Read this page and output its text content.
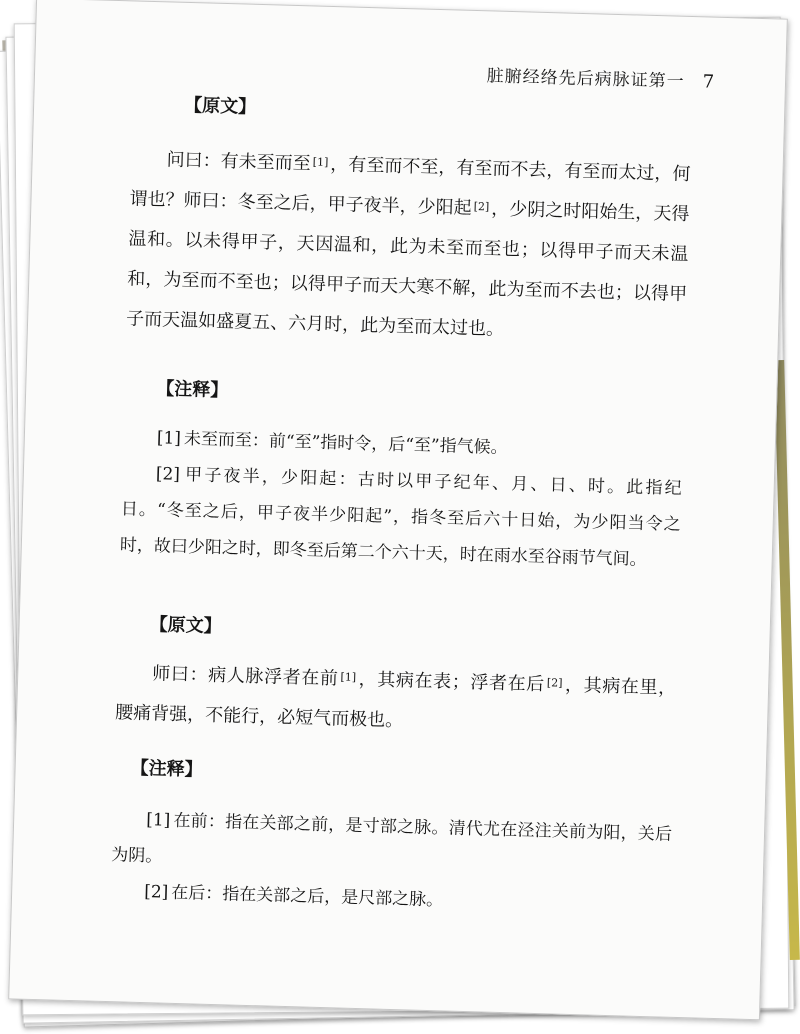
脏腑经络先后病脉证第一 7
【原文】
问曰：有未至而至 [1]，有至而不至，有至而不去，有至而太过，何谓也？师曰：冬至之后，甲子夜半，少阳起 [2]，少阴之时阳始生，天得温和。以未得甲子，天因温和，此为未至而至也；以得甲子而天未温和，为至而不至也；以得甲子而天大寒不解，此为至而不去也；以得甲子而天温如盛夏五、六月时，此为至而太过也。
【注释】
[1] 未至而至：前“至”指时令，后“至”指气候。
[2] 甲子夜半，少阳起：古时以甲子纪年、月、日、时。此指纪日。“冬至之后，甲子夜半少阳起”，指冬至后六十日始，为少阳当令之时，故曰少阳之时，即冬至后第二个六十天，时在雨水至谷雨节气间。
【原文】
师曰：病人脉浮者在前 [1]，其病在表；浮者在后 [2]，其病在里，腰痛背强，不能行，必短气而极也。
【注释】
[1] 在前：指在关部之前，是寸部之脉。清代尤在泾注关前为阳，关后为阴。
[2] 在后：指在关部之后，是尺部之脉。
